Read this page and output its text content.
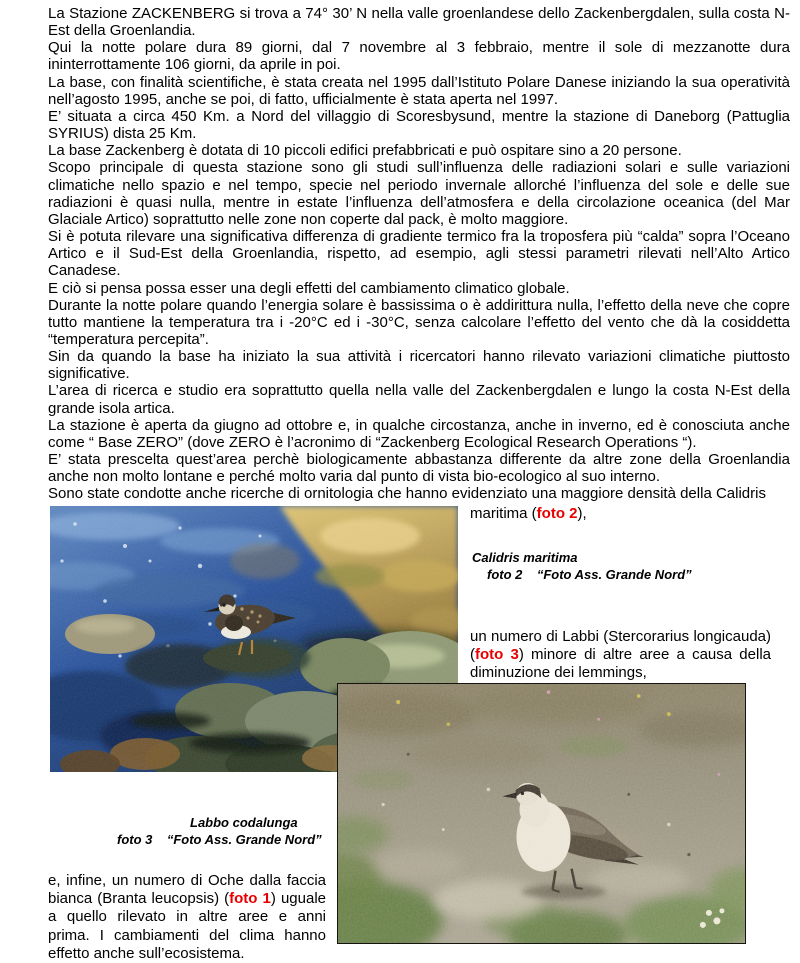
La Stazione ZACKENBERG si trova a 74° 30’ N nella valle groenlandese dello Zackenbergdalen, sulla costa N-Est della Groenlandia.

Qui la notte polare dura 89 giorni, dal 7 novembre al 3 febbraio, mentre il sole di mezzanotte dura ininterrottamente 106 giorni, da aprile in poi.

La base, con finalità scientifiche, è stata creata nel 1995 dall’Istituto Polare Danese iniziando la sua operatività nell’agosto 1995, anche se poi, di fatto, ufficialmente è stata aperta nel 1997.

E’ situata a circa 450 Km. a Nord del villaggio di Scoresbysund, mentre la stazione di Daneborg (Pattuglia SYRIUS) dista 25 Km.

La base Zackenberg è dotata di 10 piccoli edifici prefabbricati e può ospitare sino a 20 persone.

Scopo principale di questa stazione sono gli studi sull’influenza delle radiazioni solari e sulle variazioni climatiche nello spazio e nel tempo, specie nel periodo invernale allorché l’influenza del sole e delle sue radiazioni è quasi nulla, mentre in estate l’influenza dell’atmosfera e della circolazione oceanica (del Mar Glaciale Artico) soprattutto nelle zone non coperte dal pack, è molto maggiore.

Si è potuta rilevare una significativa differenza di gradiente termico fra la troposfera più “calda” sopra l’Oceano Artico e il Sud-Est della Groenlandia, rispetto, ad esempio, agli stessi parametri rilevati nell’Alto Artico Canadese.

E ciò si pensa possa esser una degli effetti del cambiamento climatico globale.

Durante la notte polare quando l’energia solare è bassissima o è addirittura nulla, l’effetto della neve che copre tutto mantiene la temperatura tra i -20°C ed i -30°C, senza calcolare l’effetto del vento che dà la cosiddetta “temperatura percepita”.

Sin da quando la base ha iniziato la sua attività i ricercatori hanno rilevato variazioni climatiche piuttosto significative.

L’area di ricerca e studio era soprattutto quella nella valle del Zackenbergdalen e lungo la costa N-Est della grande isola artica.

La stazione è aperta da giugno ad ottobre e, in qualche circostanza, anche in inverno, ed è conosciuta anche come “ Base ZERO” (dove ZERO è l’acronimo di “Zackenberg Ecological Research Operations “).

E’ stata prescelta quest’area perchè biologicamente abbastanza differente da altre zone della Groenlandia anche non molto lontane e perché molto varia dal punto di vista bio-ecologico al suo interno.

Sono state condotte anche ricerche di ornitologia che hanno evidenziato una maggiore densità della Calidris

maritima (foto 2),
Calidris maritima
foto 2    “Foto Ass. Grande Nord”
un numero di Labbi (Stercorarius longicauda) (foto 3) minore di altre aree a causa della diminuzione dei lemmings,
Labbo codalunga
foto 3    “Foto Ass. Grande Nord”
e, infine, un numero di Oche dalla faccia bianca (Branta leucopsis) (foto 1) uguale a quello rilevato in altre aree e anni prima. I cambiamenti del clima hanno effetto anche sull’ecosistema.
